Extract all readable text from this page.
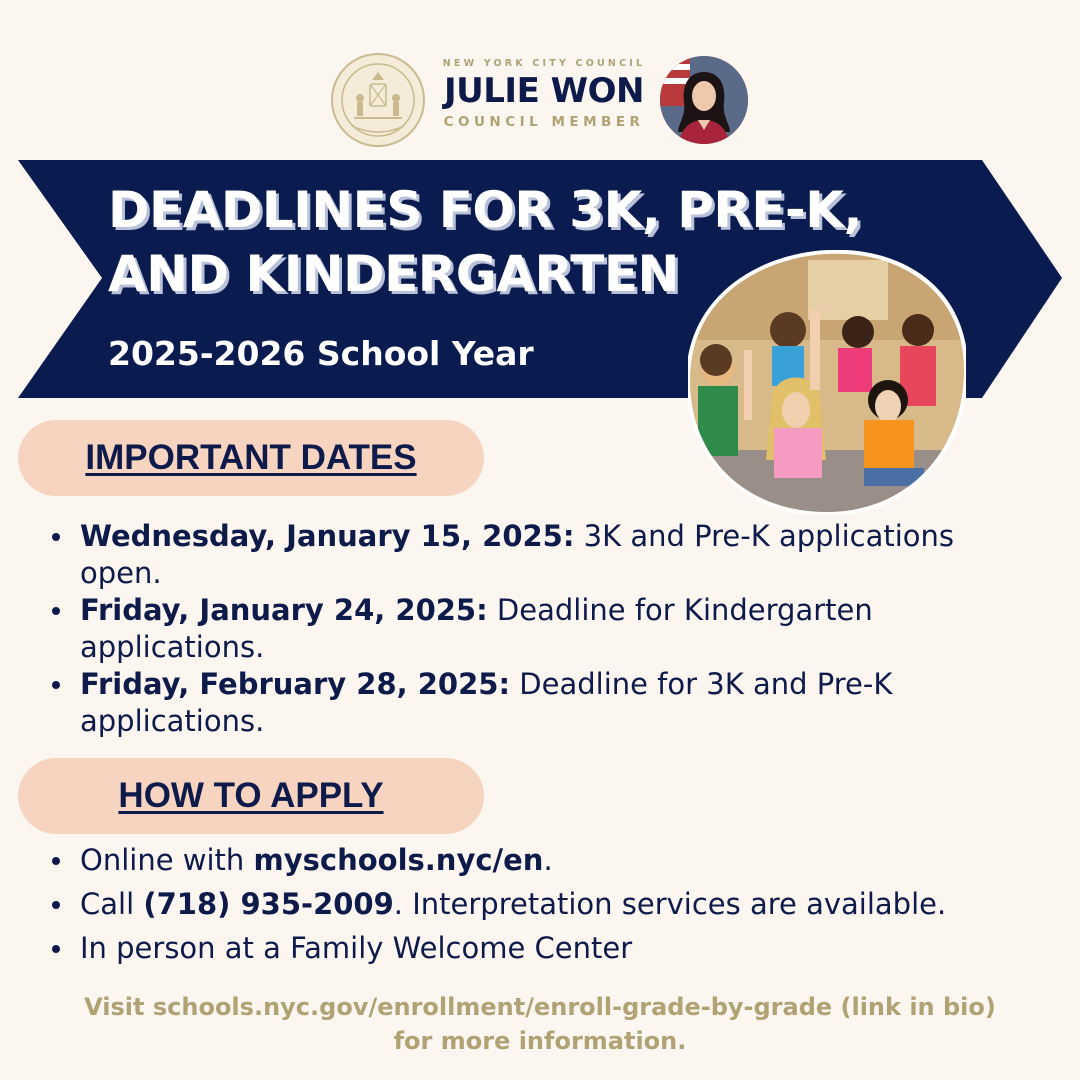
NEW YORK CITY COUNCIL
JULIE WON
COUNCIL MEMBER
DEADLINES FOR 3K, PRE-K,
AND KINDERGARTEN
2025-2026 School Year
IMPORTANT DATES
Wednesday, January 15, 2025: 3K and Pre-K applications open.
Friday, January 24, 2025: Deadline for Kindergarten applications.
Friday, February 28, 2025: Deadline for 3K and Pre-K applications.
HOW TO APPLY
Online with myschools.nyc/en.
Call (718) 935-2009. Interpretation services are available.
In person at a Family Welcome Center
Visit schools.nyc.gov/enrollment/enroll-grade-by-grade (link in bio)
for more information.
